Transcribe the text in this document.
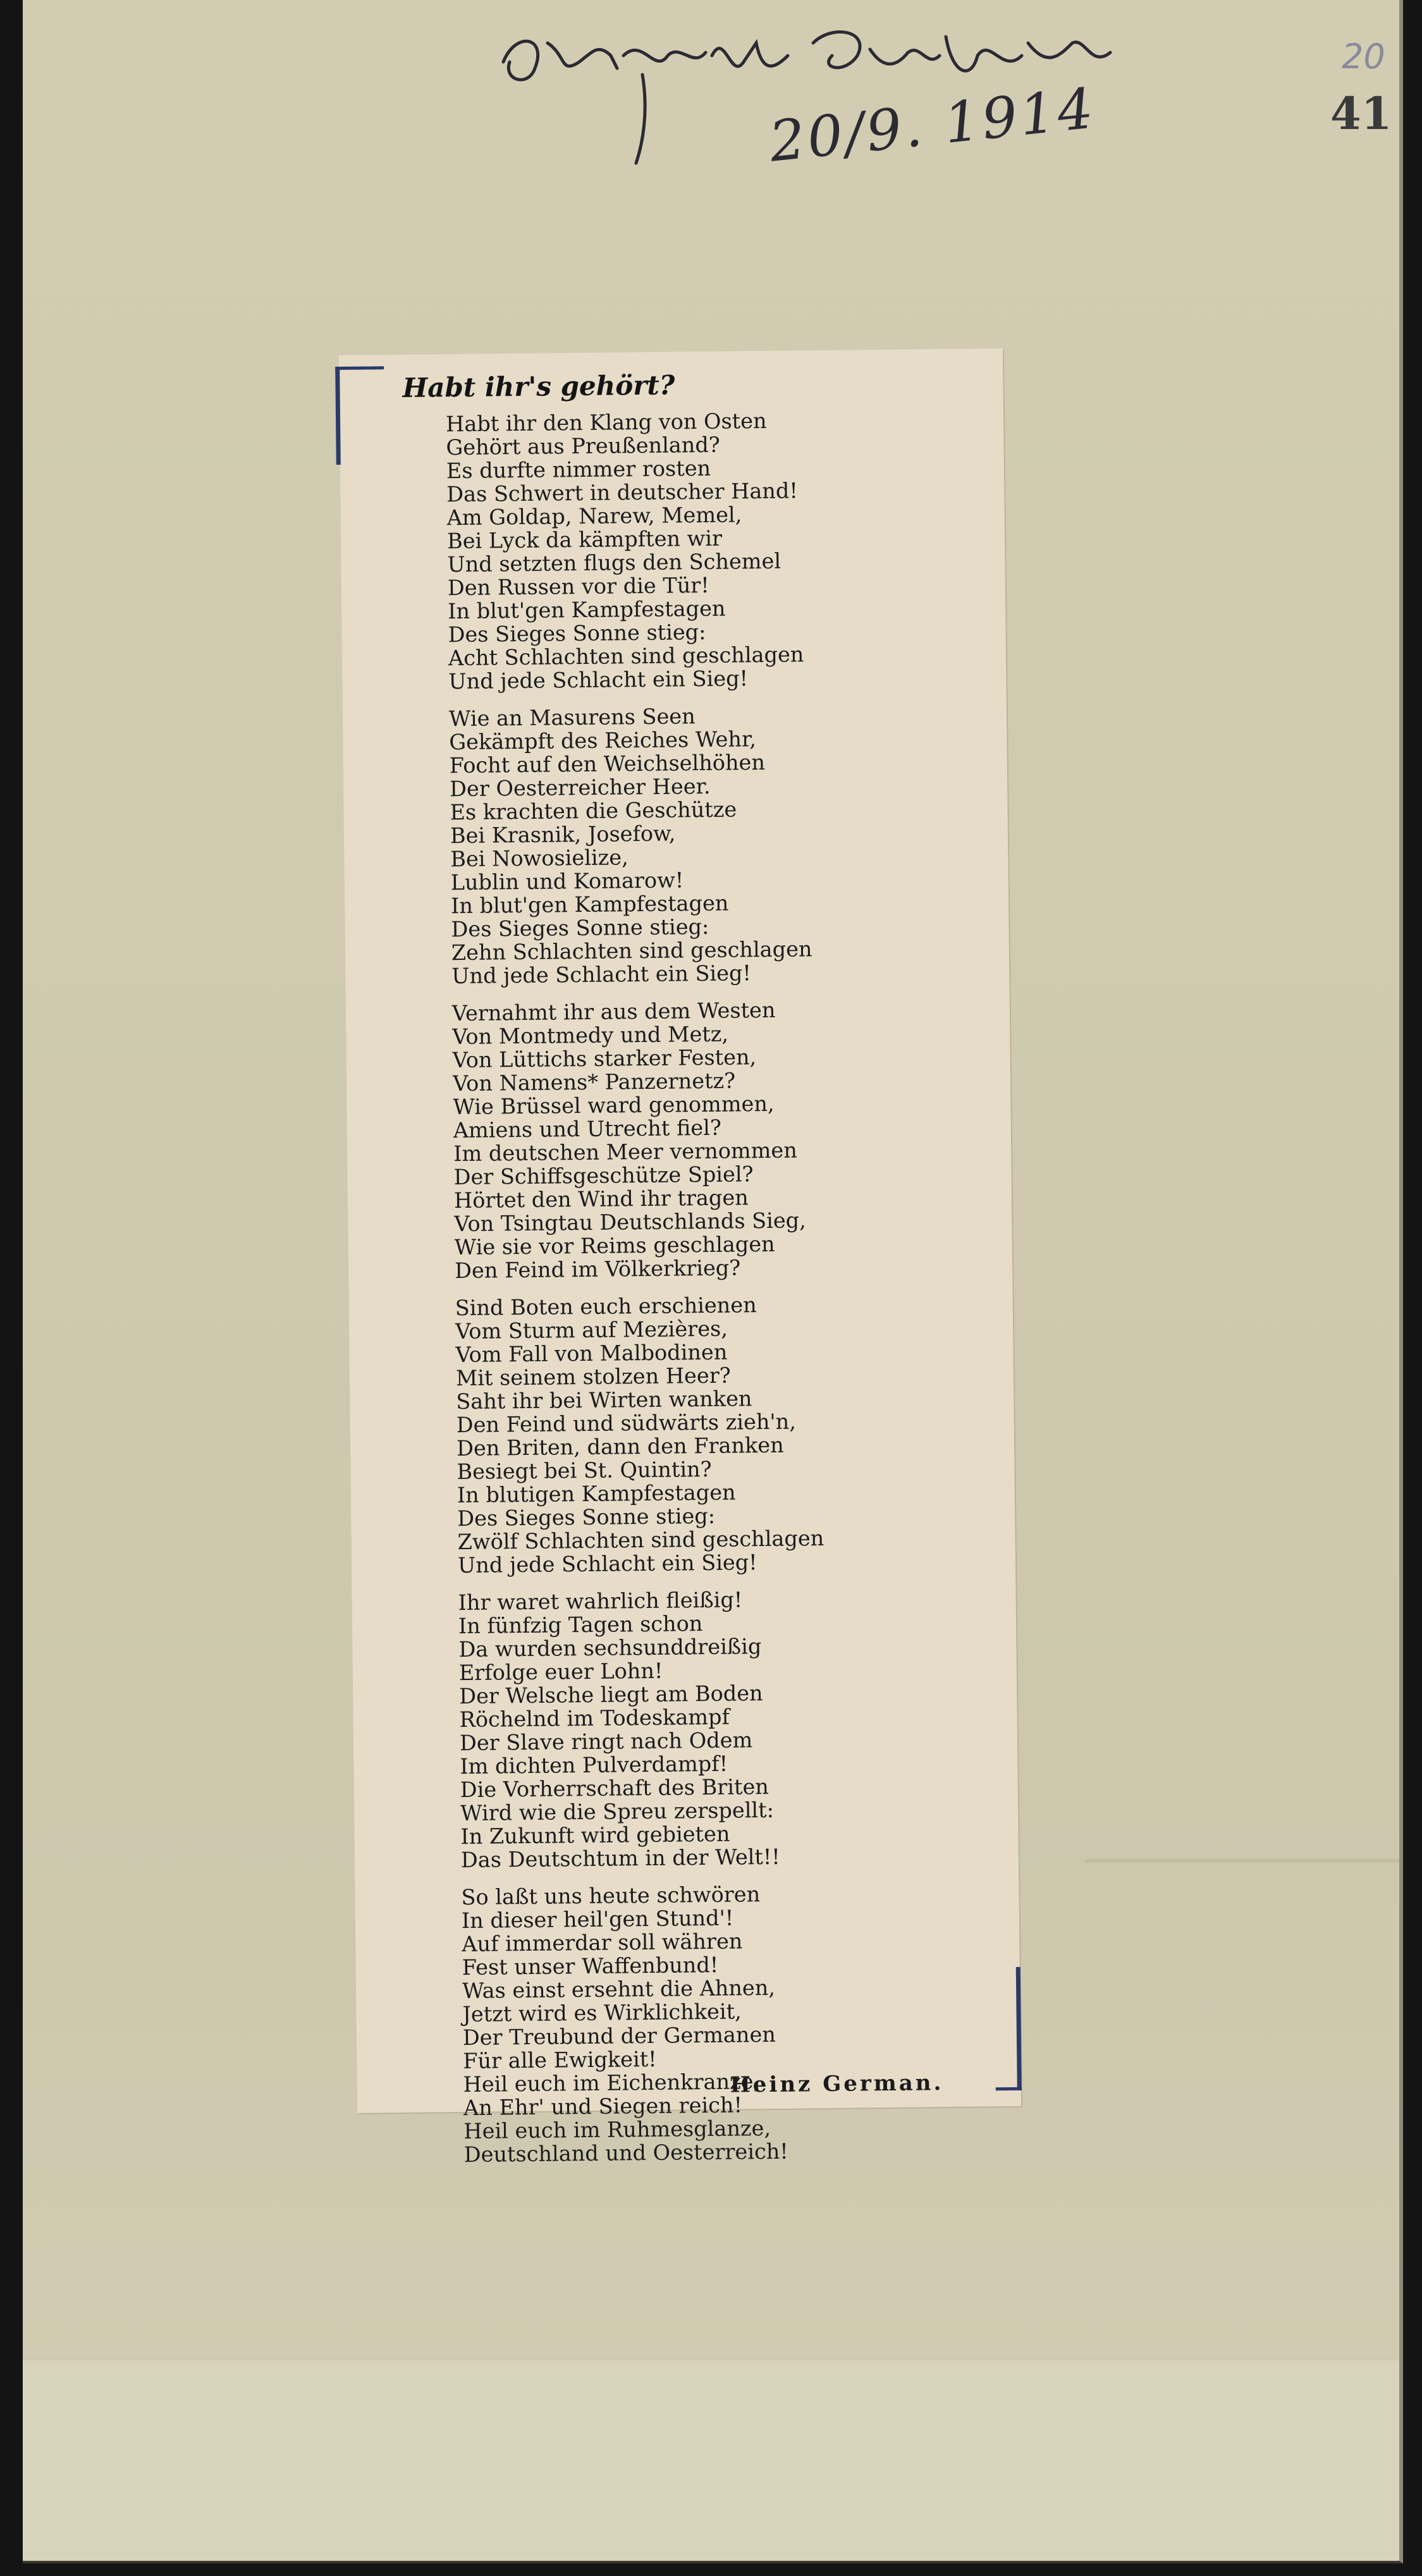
20/9. 1914
20
41
Habt ihr's gehört?
Habt ihr den Klang von Osten
Gehört aus Preußenland?
Es durfte nimmer rosten
Das Schwert in deutscher Hand!
Am Goldap, Narew, Memel,
Bei Lyck da kämpften wir
Und setzten flugs den Schemel
Den Russen vor die Tür!
In blut'gen Kampfestagen
Des Sieges Sonne stieg:
Acht Schlachten sind geschlagen
Und jede Schlacht ein Sieg!
Wie an Masurens Seen
Gekämpft des Reiches Wehr,
Focht auf den Weichselhöhen
Der Oesterreicher Heer.
Es krachten die Geschütze
Bei Krasnik, Josefow,
Bei Nowosielize,
Lublin und Komarow!
In blut'gen Kampfestagen
Des Sieges Sonne stieg:
Zehn Schlachten sind geschlagen
Und jede Schlacht ein Sieg!
Vernahmt ihr aus dem Westen
Von Montmedy und Metz,
Von Lüttichs starker Festen,
Von Namens* Panzernetz?
Wie Brüssel ward genommen,
Amiens und Utrecht fiel?
Im deutschen Meer vernommen
Der Schiffsgeschütze Spiel?
Hörtet den Wind ihr tragen
Von Tsingtau Deutschlands Sieg,
Wie sie vor Reims geschlagen
Den Feind im Völkerkrieg?
Sind Boten euch erschienen
Vom Sturm auf Mezières,
Vom Fall von Malbodinen
Mit seinem stolzen Heer?
Saht ihr bei Wirten wanken
Den Feind und südwärts zieh'n,
Den Briten, dann den Franken
Besiegt bei St. Quintin?
In blutigen Kampfestagen
Des Sieges Sonne stieg:
Zwölf Schlachten sind geschlagen
Und jede Schlacht ein Sieg!
Ihr waret wahrlich fleißig!
In fünfzig Tagen schon
Da wurden sechsunddreißig
Erfolge euer Lohn!
Der Welsche liegt am Boden
Röchelnd im Todeskampf
Der Slave ringt nach Odem
Im dichten Pulverdampf!
Die Vorherrschaft des Briten
Wird wie die Spreu zerspellt:
In Zukunft wird gebieten
Das Deutschtum in der Welt!!
So laßt uns heute schwören
In dieser heil'gen Stund'!
Auf immerdar soll währen
Fest unser Waffenbund!
Was einst ersehnt die Ahnen,
Jetzt wird es Wirklichkeit,
Der Treubund der Germanen
Für alle Ewigkeit!
Heil euch im Eichenkranze,
An Ehr' und Siegen reich!
Heil euch im Ruhmesglanze,
Deutschland und Oesterreich!
Heinz German.
